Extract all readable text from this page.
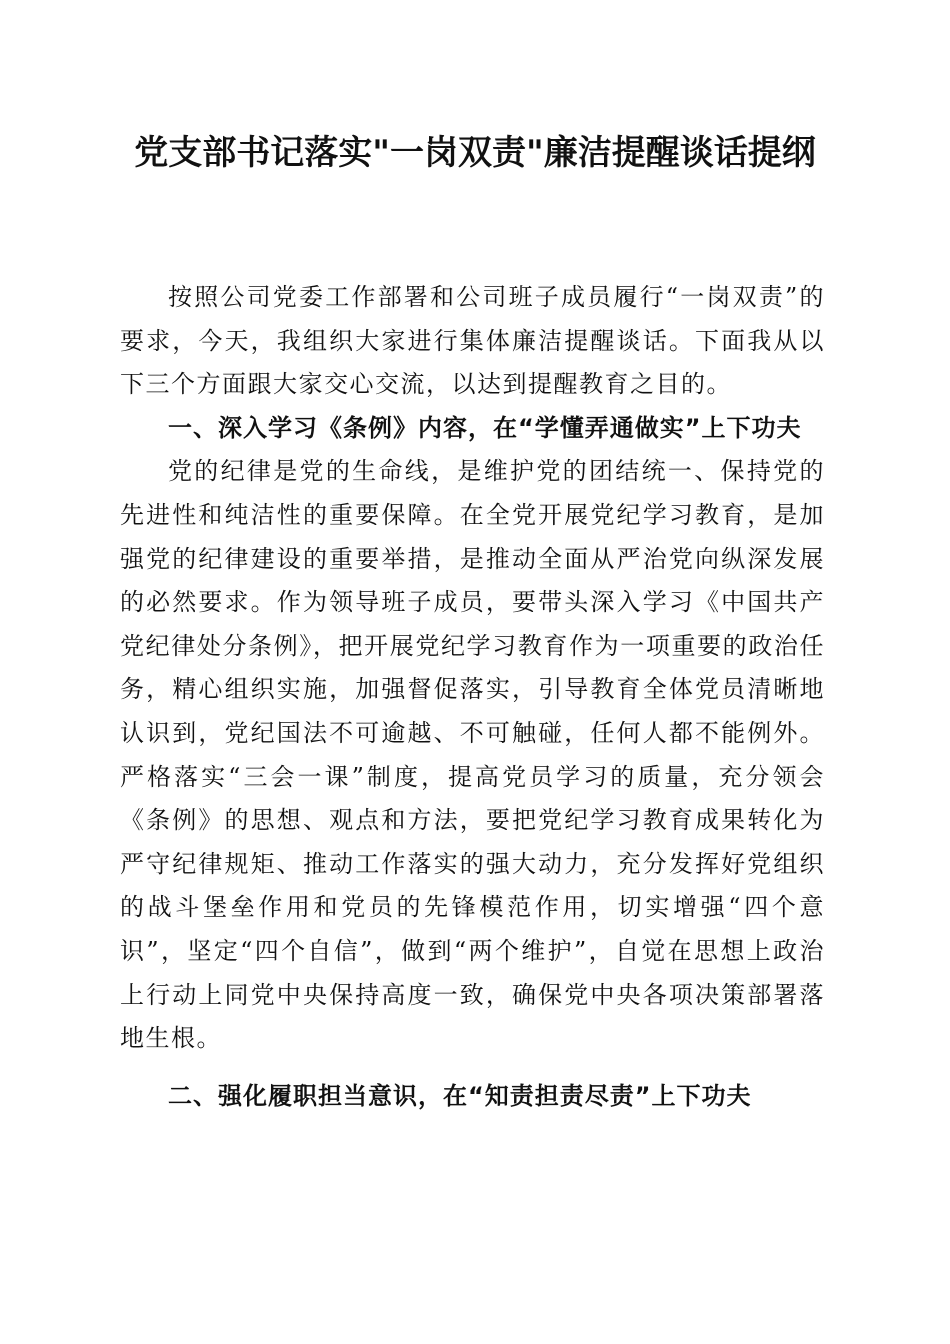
党支部书记落实"一岗双责"廉洁提醒谈话提纲

按照公司党委工作部署和公司班子成员履行“一岗双责”的要求，今天，我组织大家进行集体廉洁提醒谈话。下面我从以下三个方面跟大家交心交流，以达到提醒教育之目的。

一、深入学习《条例》内容，在“学懂弄通做实”上下功夫

党的纪律是党的生命线，是维护党的团结统一、保持党的先进性和纯洁性的重要保障。在全党开展党纪学习教育，是加强党的纪律建设的重要举措，是推动全面从严治党向纵深发展的必然要求。作为领导班子成员，要带头深入学习《中国共产党纪律处分条例》，把开展党纪学习教育作为一项重要的政治任务，精心组织实施，加强督促落实，引导教育全体党员清晰地认识到，党纪国法不可逾越、不可触碰，任何人都不能例外。严格落实“三会一课”制度，提高党员学习的质量，充分领会《条例》的思想、观点和方法，要把党纪学习教育成果转化为严守纪律规矩、推动工作落实的强大动力，充分发挥好党组织的战斗堡垒作用和党员的先锋模范作用，切实增强“四个意识”，坚定“四个自信”，做到“两个维护”，自觉在思想上政治上行动上同党中央保持高度一致，确保党中央各项决策部署落地生根。

二、强化履职担当意识，在“知责担责尽责”上下功夫
